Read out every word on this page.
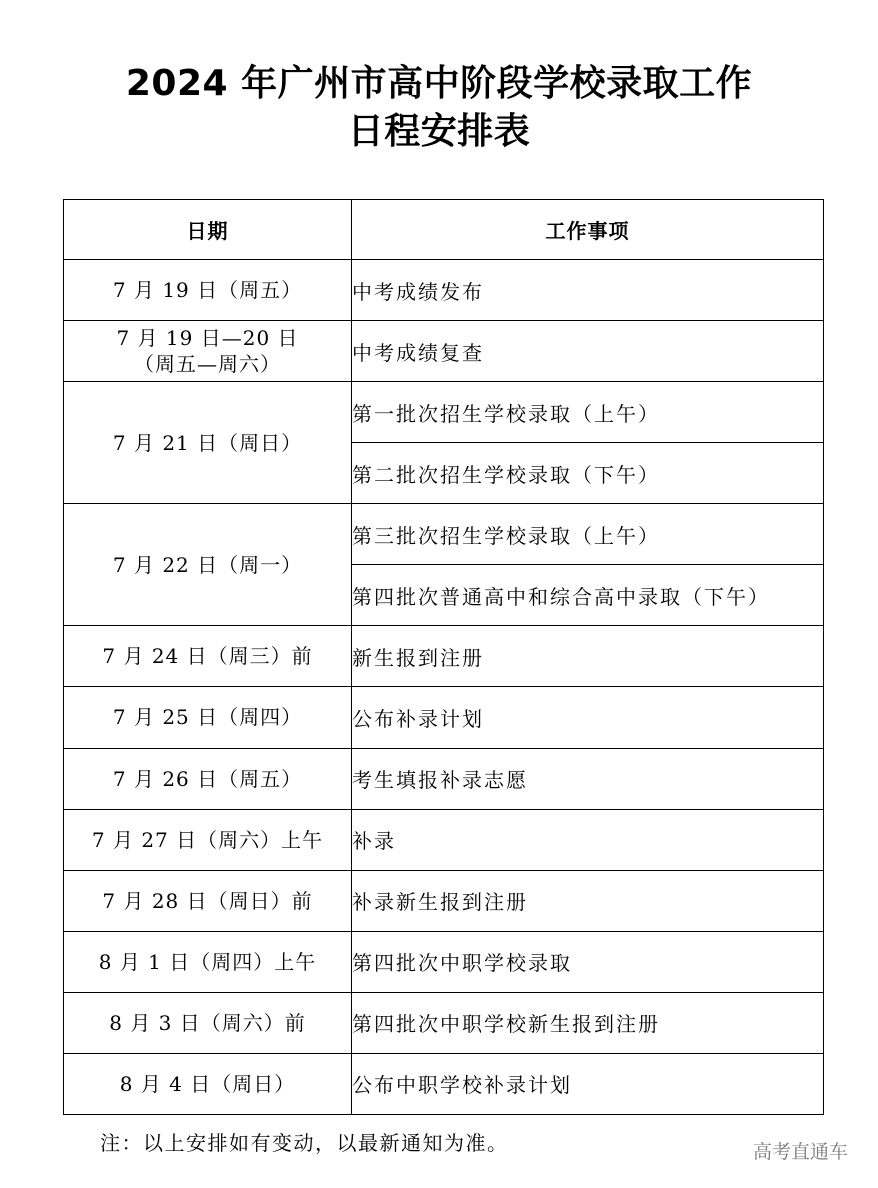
2024 年广州市高中阶段学校录取工作
日程安排表
日期	工作事项
7 月 19 日（周五）	中考成绩发布

7 月 19 日—20 日
（周五—周六）	中考成绩复查
7 月 21 日（周日）	第一批次招生学校录取（上午）
	第二批次招生学校录取（下午）
7 月 22 日（周一）	第三批次招生学校录取（上午）
	第四批次普通高中和综合高中录取（下午）
7 月 24 日（周三）前	新生报到注册
7 月 25 日（周四）	公布补录计划
7 月 26 日（周五）	考生填报补录志愿
7 月 27 日（周六）上午	补录
7 月 28 日（周日）前	补录新生报到注册
8 月 1 日（周四）上午	第四批次中职学校录取
8 月 3 日（周六）前	第四批次中职学校新生报到注册
8 月 4 日（周日）	公布中职学校补录计划
注：以上安排如有变动，以最新通知为准。	高考直通车
